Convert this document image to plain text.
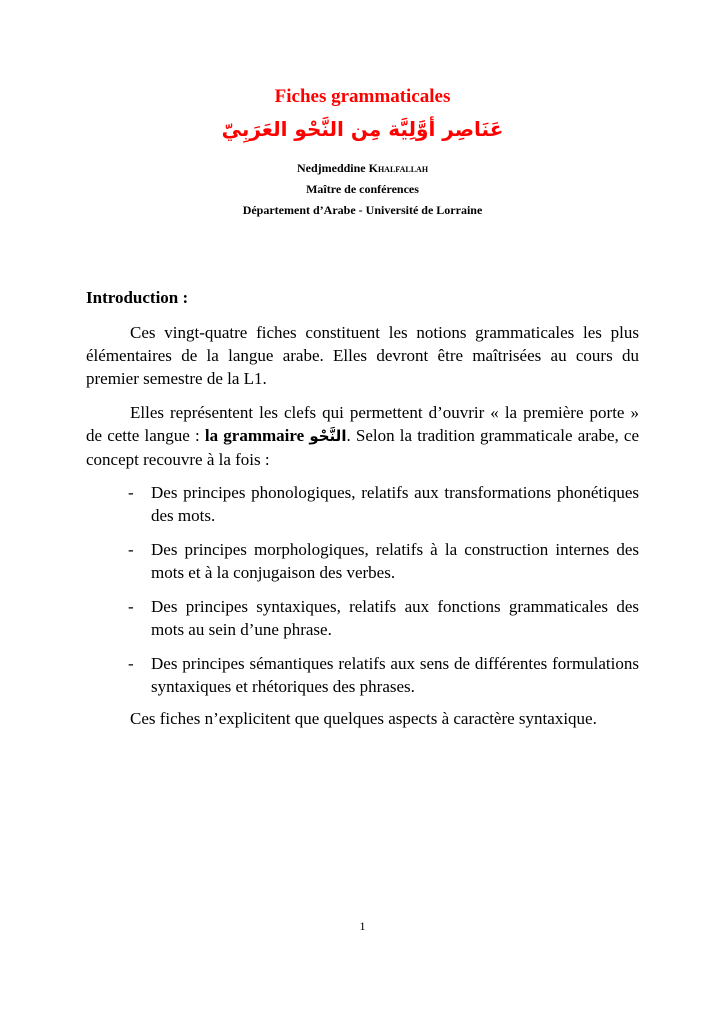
Fiches grammaticales
عَنَاصِر أوَّلِيَّة مِن النَّحْو العَرَبِيّ
Nedjmeddine Khalfallah
Maître de conférences
Département d’Arabe - Université de Lorraine
Introduction :
Ces vingt-quatre fiches constituent les notions grammaticales les plus élémentaires de la langue arabe. Elles devront être maîtrisées au cours du premier semestre de la L1.
Elles représentent les clefs qui permettent d’ouvrir « la première porte » de cette langue : la grammaire النَّحْو. Selon la tradition grammaticale arabe, ce concept recouvre à la fois :
- Des principes phonologiques, relatifs aux transformations phonétiques des mots.
- Des principes morphologiques, relatifs à la construction internes des mots et à la conjugaison des verbes.
- Des principes syntaxiques, relatifs aux fonctions grammaticales des mots au sein d’une phrase.
- Des principes sémantiques relatifs aux sens de différentes formulations syntaxiques et rhétoriques des phrases.
Ces fiches n’explicitent que quelques aspects à caractère syntaxique.
1
